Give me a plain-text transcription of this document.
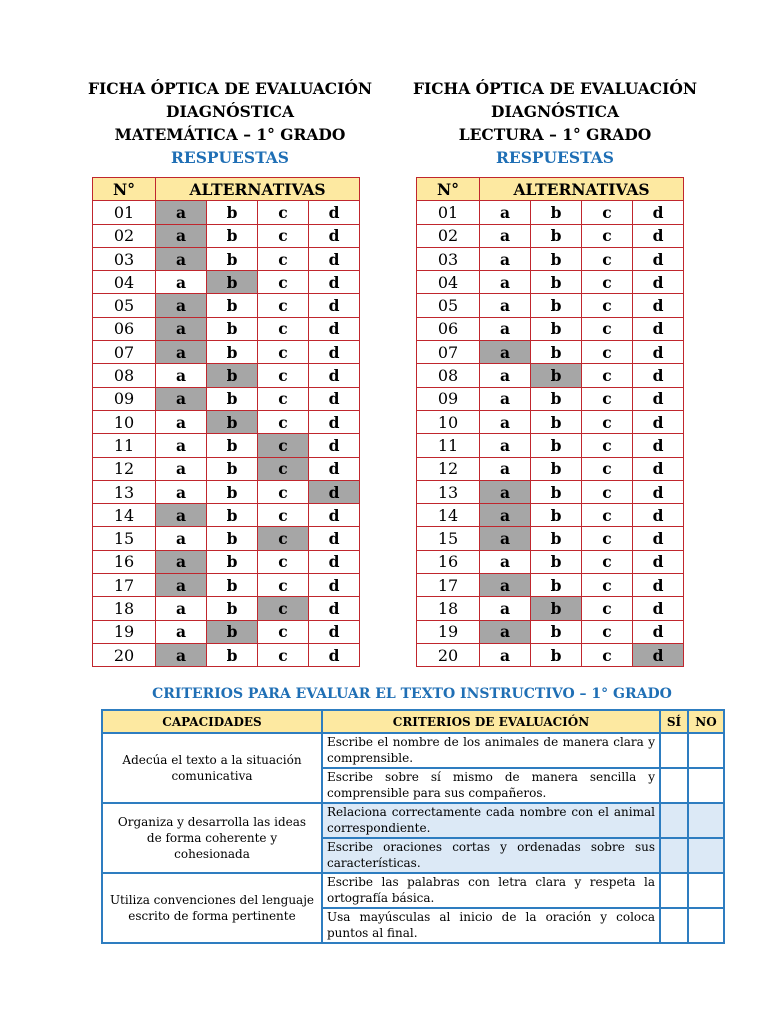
FICHA ÓPTICA DE EVALUACIÓN
DIAGNÓSTICA
MATEMÁTICA – 1° GRADO
RESPUESTAS
FICHA ÓPTICA DE EVALUACIÓN
DIAGNÓSTICA
LECTURA – 1° GRADO
RESPUESTAS
N°	ALTERNATIVAS			
01	a	b	c	d
02	a	b	c	d
03	a	b	c	d
04	a	b	c	d
05	a	b	c	d
06	a	b	c	d
07	a	b	c	d
08	a	b	c	d
09	a	b	c	d
10	a	b	c	d
11	a	b	c	d
12	a	b	c	d
13	a	b	c	d
14	a	b	c	d
15	a	b	c	d
16	a	b	c	d
17	a	b	c	d
18	a	b	c	d
19	a	b	c	d
20	a	b	c	d
N°	ALTERNATIVAS			
01	a	b	c	d
02	a	b	c	d
03	a	b	c	d
04	a	b	c	d
05	a	b	c	d
06	a	b	c	d
07	a	b	c	d
08	a	b	c	d
09	a	b	c	d
10	a	b	c	d
11	a	b	c	d
12	a	b	c	d
13	a	b	c	d
14	a	b	c	d
15	a	b	c	d
16	a	b	c	d
17	a	b	c	d
18	a	b	c	d
19	a	b	c	d
20	a	b	c	d
CRITERIOS PARA EVALUAR EL TEXTO INSTRUCTIVO – 1° GRADO
CAPACIDADES	CRITERIOS DE EVALUACIÓN	SÍ	NO
Adecúa el texto a la situación comunicativa	Escribe el nombre de los animales de manera clara y comprensible.		
	Escribe sobre sí mismo de manera sencilla y comprensible para sus compañeros.		
Organiza y desarrolla las ideas de forma coherente y cohesionada	Relaciona correctamente cada nombre con el animal correspondiente.		
	Escribe oraciones cortas y ordenadas sobre sus características.		
Utiliza convenciones del lenguaje escrito de forma pertinente	Escribe las palabras con letra clara y respeta la ortografía básica.		
	Usa mayúsculas al inicio de la oración y coloca puntos al final.		
